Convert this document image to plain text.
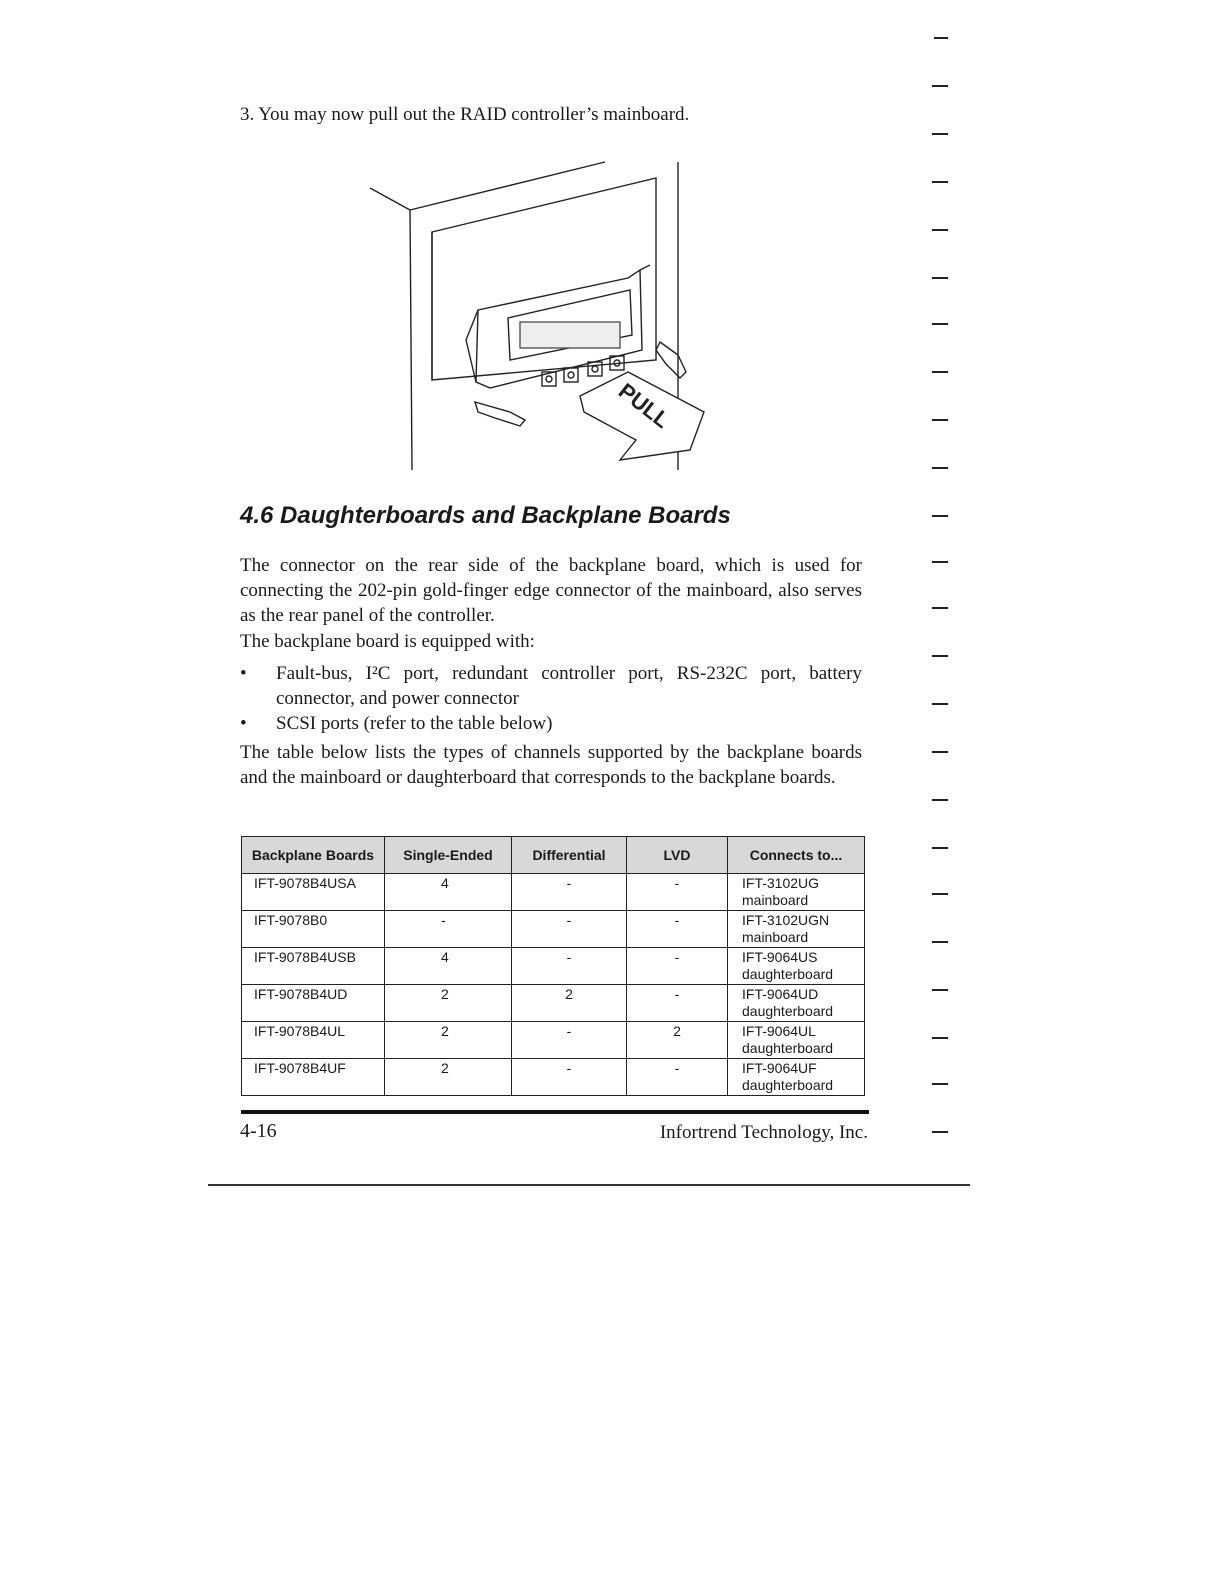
3. You may now pull out the RAID controller’s mainboard.
PULL
4.6 Daughterboards and Backplane Boards
The connector on the rear side of the backplane board, which is used for connecting the 202-pin gold-finger edge connector of the mainboard, also serves as the rear panel of the controller.
The backplane board is equipped with:
• Fault-bus, I²C port, redundant controller port, RS-232C port, battery connector, and power connector
• SCSI ports (refer to the table below)
The table below lists the types of channels supported by the backplane boards and the mainboard or daughterboard that corresponds to the backplane boards.
Backplane Boards	Single-Ended	Differential	LVD	Connects to...
IFT-9078B4USA	4	-	-	IFT-3102UG mainboard
IFT-9078B0	-	-	-	IFT-3102UGN mainboard
IFT-9078B4USB	4	-	-	IFT-9064US daughterboard
IFT-9078B4UD	2	2	-	IFT-9064UD daughterboard
IFT-9078B4UL	2	-	2	IFT-9064UL daughterboard
IFT-9078B4UF	2	-	-	IFT-9064UF daughterboard
4-16	Infortrend Technology, Inc.
